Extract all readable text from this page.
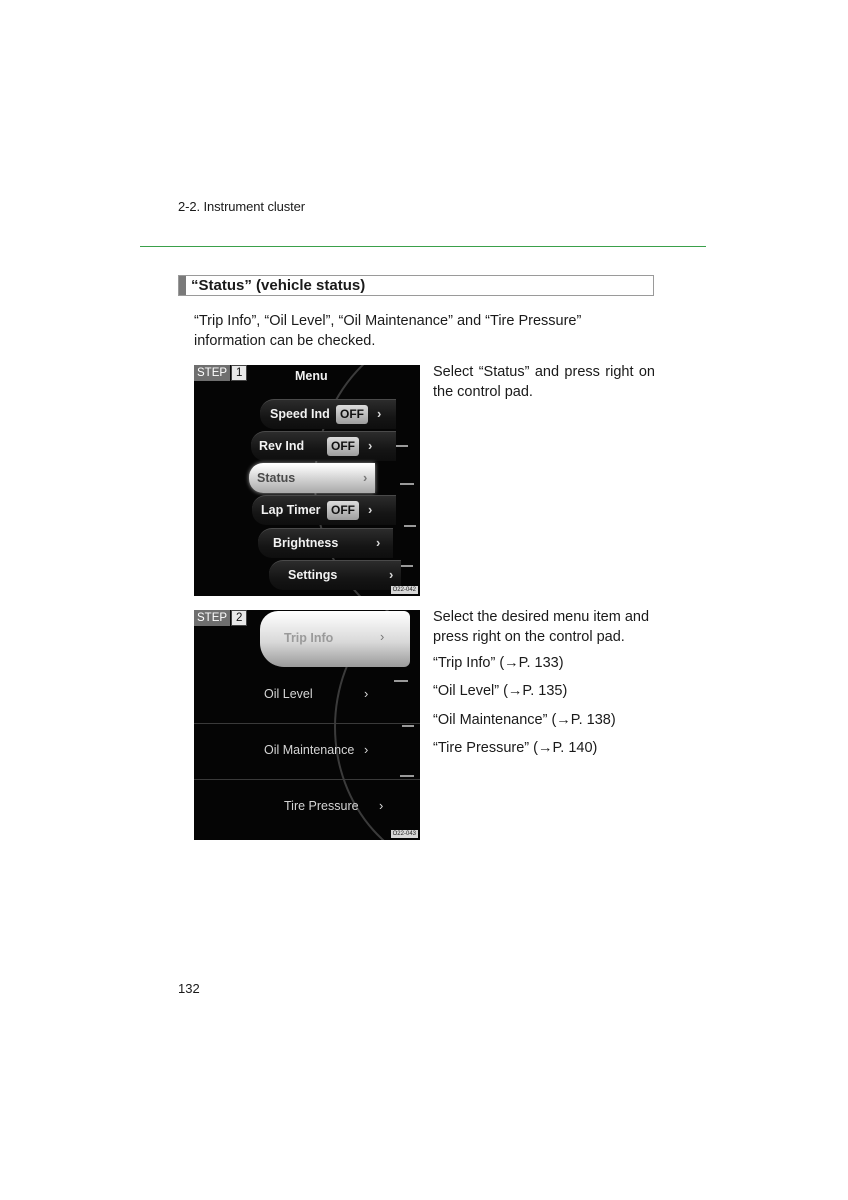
2-2. Instrument cluster
“Status” (vehicle status)
“Trip Info”, “Oil Level”, “Oil Maintenance” and “Tire Pressure” information can be checked.
STEP 1	Menu
Speed Ind OFF	›
Rev Ind	OFF	›
Status	›
Lap Timer OFF	›
Brightness	›
Settings	›
O22-042
Select “Status” and press right on the control pad.
STEP 2
Trip Info	›
Oil Level	›
Oil Maintenance ›
Tire Pressure ›
O22-043
Select the desired menu item and press right on the control pad.
“Trip Info” (→P. 133)
“Oil Level” (→P. 135)
“Oil Maintenance” (→P. 138)
“Tire Pressure” (→P. 140)
132
